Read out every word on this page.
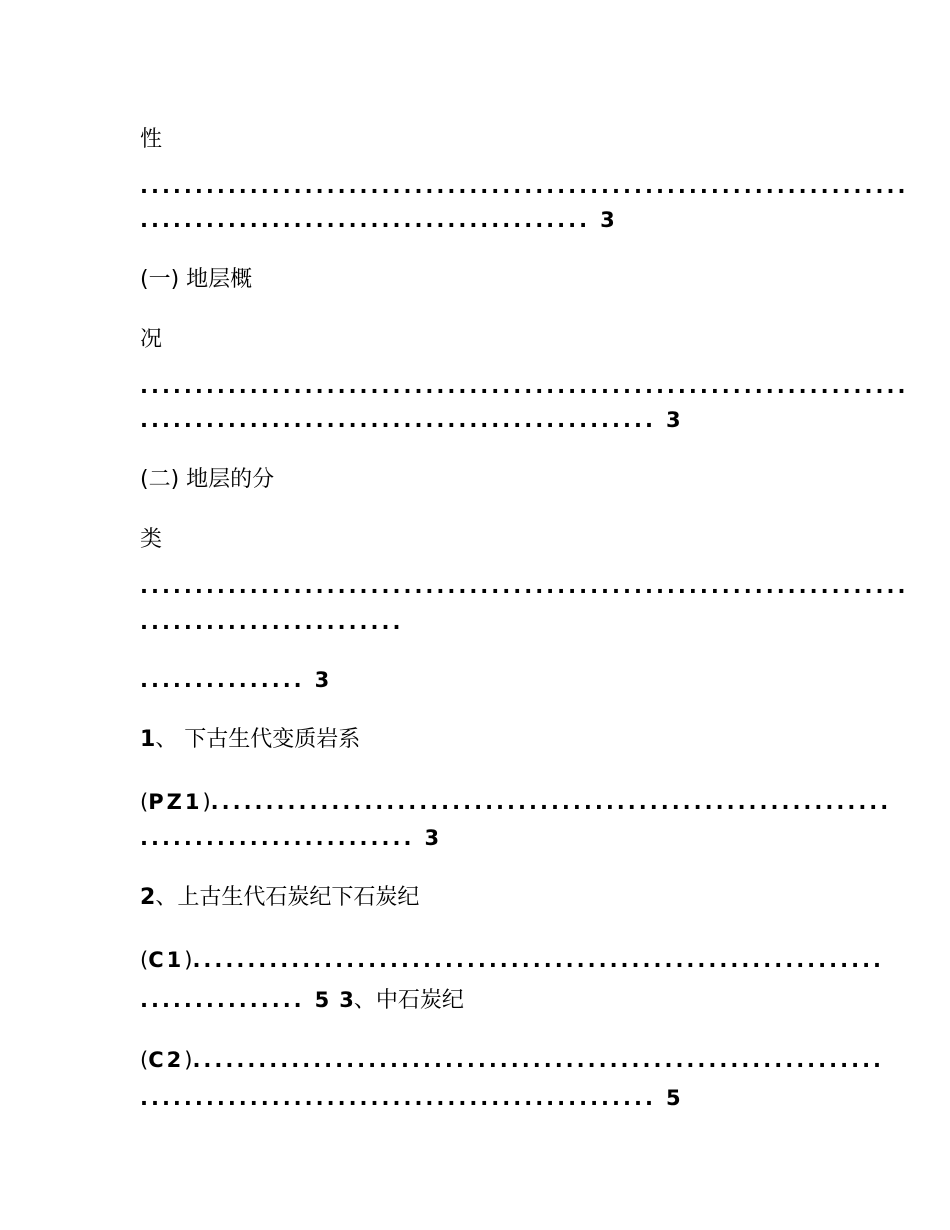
性
......................................................................
......................................... 3
(一) 地层概
况
......................................................................
............................................... 3
(二) 地层的分
类
......................................................................
........................
............... 3
1、 下古生代变质岩系
(PZ1)..............................................................
......................... 3
2、上古生代石炭纪下石炭纪
(C1)...............................................................
............... 5 3、中石炭纪
(C2)...............................................................
............................................... 5
